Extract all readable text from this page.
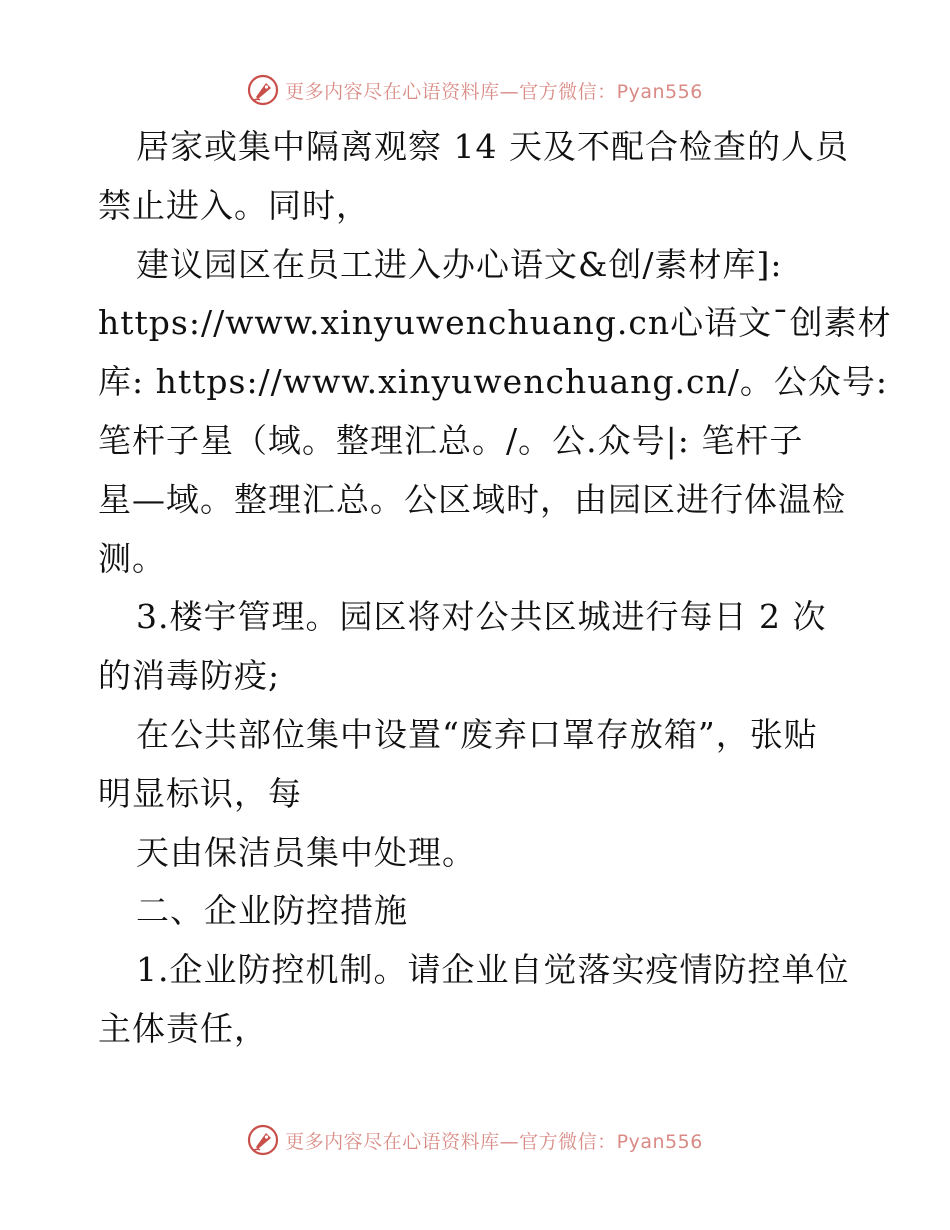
更多内容尽在心语资料库—官方微信：Pyan556
居家或集中隔离观察 14 天及不配合检查的人员
禁止进入。同时，
建议园区在员工进入办心语文&创/素材库]:
https://www.xinyuwenchuang.cn心语文¯创素材
库: https://www.xinyuwenchuang.cn/。公众号:
笔杆子星（域。整理汇总。/。公.众号|: 笔杆子
星—域。整理汇总。公区域时，由园区进行体温检
测。
3.楼宇管理。园区将对公共区城进行每日 2 次
的消毒防疫;
在公共部位集中设置“废弃口罩存放箱”，张贴
明显标识，每
天由保洁员集中处理。
二、企业防控措施
1.企业防控机制。请企业自觉落实疫情防控单位
主体责任，
更多内容尽在心语资料库—官方微信：Pyan556
